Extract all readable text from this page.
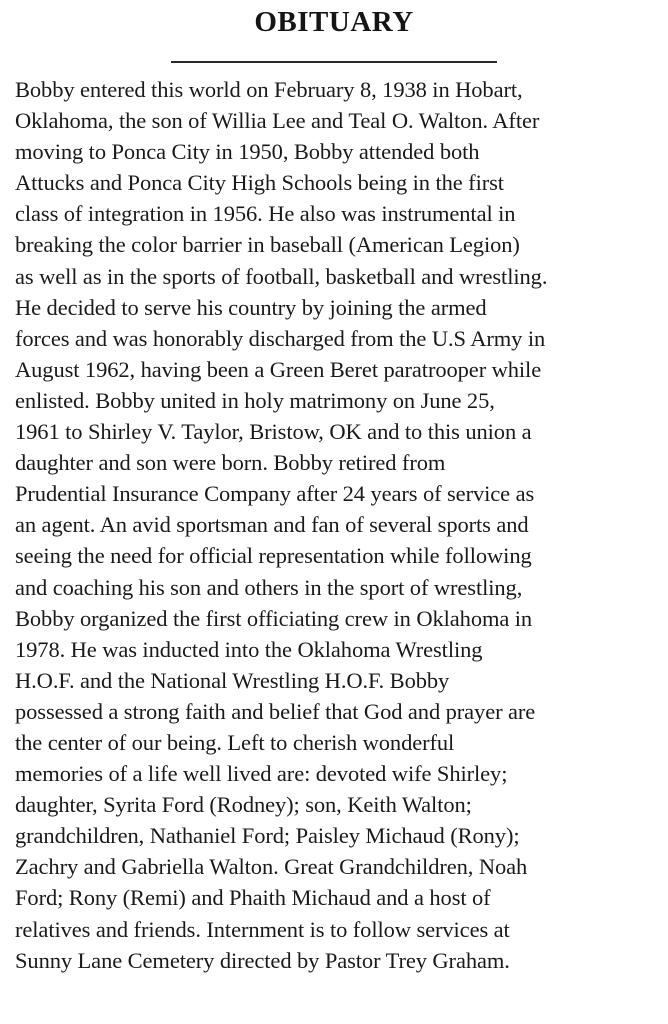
OBITUARY
Bobby entered this world on February 8, 1938 in Hobart,
Oklahoma, the son of Willia Lee and Teal O. Walton. After
moving to Ponca City in 1950, Bobby attended both
Attucks and Ponca City High Schools being in the first
class of integration in 1956. He also was instrumental in
breaking the color barrier in baseball (American Legion)
as well as in the sports of football, basketball and wrestling.
He decided to serve his country by joining the armed
forces and was honorably discharged from the U.S Army in
August 1962, having been a Green Beret paratrooper while
enlisted. Bobby united in holy matrimony on June 25,
1961 to Shirley V. Taylor, Bristow, OK and to this union a
daughter and son were born. Bobby retired from
Prudential Insurance Company after 24 years of service as
an agent. An avid sportsman and fan of several sports and
seeing the need for official representation while following
and coaching his son and others in the sport of wrestling,
Bobby organized the first officiating crew in Oklahoma in
1978. He was inducted into the Oklahoma Wrestling
H.O.F. and the National Wrestling H.O.F. Bobby
possessed a strong faith and belief that God and prayer are
the center of our being. Left to cherish wonderful
memories of a life well lived are: devoted wife Shirley;
daughter, Syrita Ford (Rodney); son, Keith Walton;
grandchildren, Nathaniel Ford; Paisley Michaud (Rony);
Zachry and Gabriella Walton. Great Grandchildren, Noah
Ford; Rony (Remi) and Phaith Michaud and a host of
relatives and friends. Internment is to follow services at
Sunny Lane Cemetery directed by Pastor Trey Graham.
